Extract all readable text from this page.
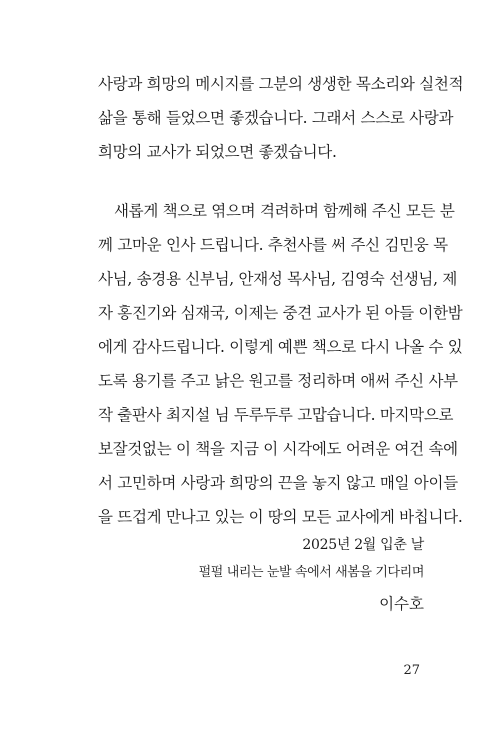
사랑과 희망의 메시지를 그분의 생생한 목소리와 실천적
삶을 통해 들었으면 좋겠습니다. 그래서 스스로 사랑과
희망의 교사가 되었으면 좋겠습니다.
새롭게 책으로 엮으며 격려하며 함께해 주신 모든 분
께 고마운 인사 드립니다. 추천사를 써 주신 김민웅 목
사님, 송경용 신부님, 안재성 목사님, 김영숙 선생님, 제
자 홍진기와 심재국, 이제는 중견 교사가 된 아들 이한밤
에게 감사드립니다. 이렇게 예쁜 책으로 다시 나올 수 있
도록 용기를 주고 낡은 원고를 정리하며 애써 주신 사부
작 출판사 최지설 님 두루두루 고맙습니다. 마지막으로
보잘것없는 이 책을 지금 이 시각에도 어려운 여건 속에
서 고민하며 사랑과 희망의 끈을 놓지 않고 매일 아이들
을 뜨겁게 만나고 있는 이 땅의 모든 교사에게 바칩니다.
2025년 2월 입춘 날
펄펄 내리는 눈발 속에서 새봄을 기다리며
이수호
27
